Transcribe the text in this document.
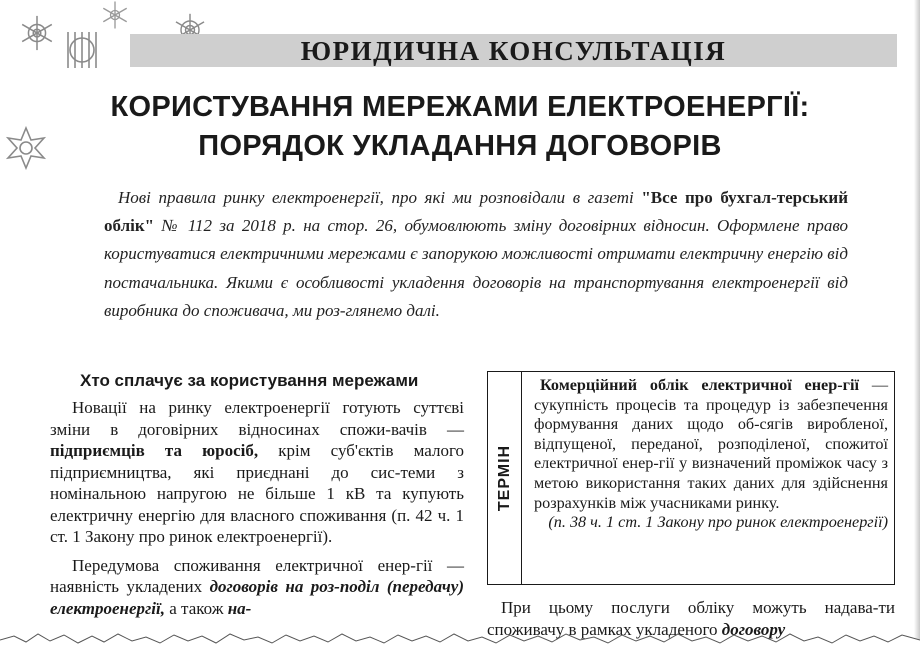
ЮРИДИЧНА КОНСУЛЬТАЦІЯ
КОРИСТУВАННЯ МЕРЕЖАМИ ЕЛЕКТРОЕНЕРГІЇ:
ПОРЯДОК УКЛАДАННЯ ДОГОВОРІВ
Нові правила ринку електроенергії, про які ми розповідали в газеті "Все про бухгал-терський облік" № 112 за 2018 р. на стор. 26, обумовлюють зміну договірних відносин. Оформлене право користуватися електричними мережами є запорукою можливості отримати електричну енергію від постачальника. Якими є особливості укладення договорів на транспортування електроенергії від виробника до споживача, ми роз-глянемо далі.
Хто сплачує за користування мережами

Новації на ринку електроенергії готують суттєві зміни в договірних відносинах спожи-вачів — підприємців та юросіб, крім суб'єктів малого підприємництва, які приєднані до сис-теми з номінальною напругою не більше 1 кВ та купують електричну енергію для власного споживання (п. 42 ч. 1 ст. 1 Закону про ринок електроенергії).

Передумова споживання електричної енер-гії — наявність укладених договорів на роз-поділ (передачу) електроенергії, а також на-

ТЕРМІН

Комерційний облік електричної енер-гії — сукупність процесів та процедур із забезпечення формування даних щодо об-сягів виробленої, відпущеної, переданої, розподіленої, спожитої електричної енер-гії у визначений проміжок часу з метою використання таких даних для здійснення розрахунків між учасниками ринку.

(п. 38 ч. 1 ст. 1 Закону про ринок електроенергії)

При цьому послуги обліку можуть надава-ти споживачу в рамках укладеного договору
